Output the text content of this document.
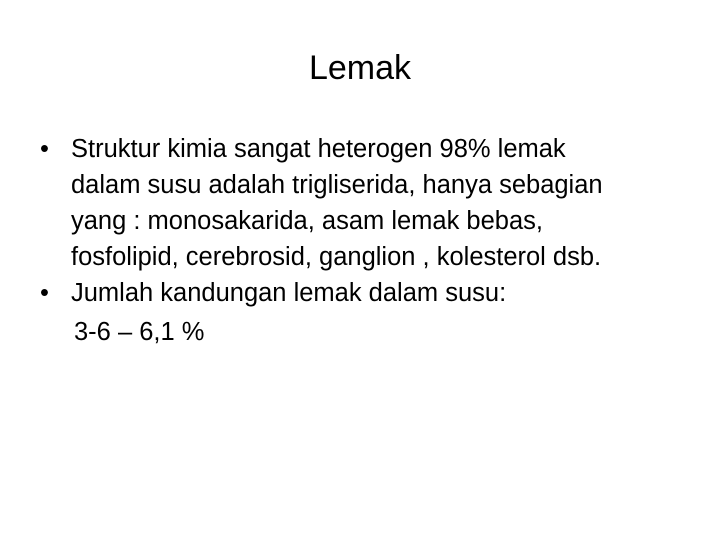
Lemak
• Struktur kimia sangat heterogen 98% lemak
dalam susu adalah trigliserida, hanya sebagian
yang : monosakarida, asam lemak bebas,
fosfolipid, cerebrosid, ganglion , kolesterol dsb.
• Jumlah kandungan lemak dalam susu:
3-6 – 6,1 %
